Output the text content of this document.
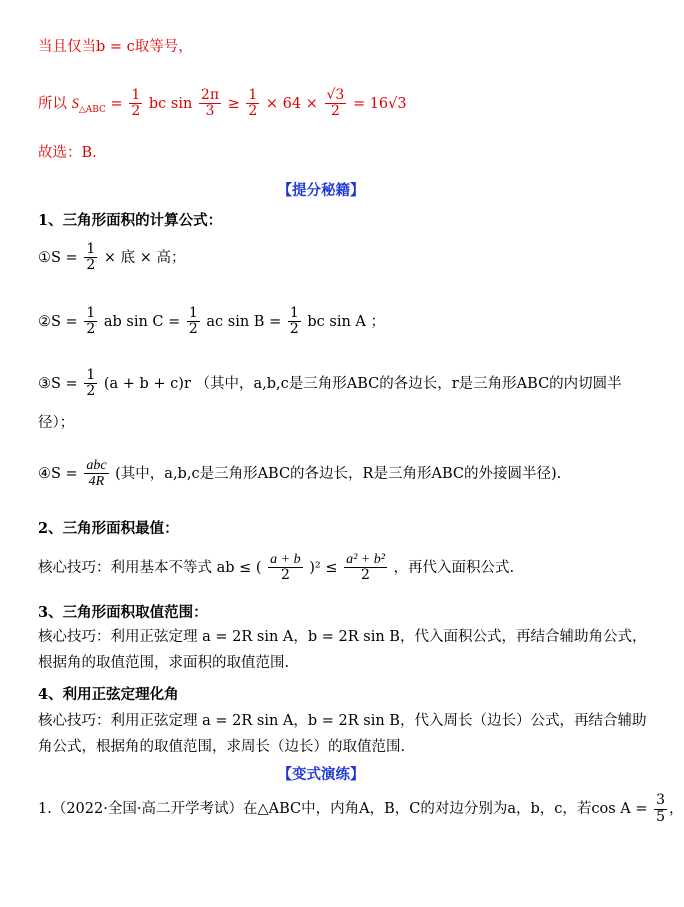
当且仅当b = c取等号，
所以 $S_{\triangle ABC} = \frac{1}{2}$ bc $\sin \frac{2\pi}{3} \ge \frac{1}{2} \times 64 \times \frac{√3}{2} = 16√3$
故选：B.
【提分秘籍】
1、三角形面积的计算公式：
①S = $\frac{1}{2}$ × 底 × 高；
②S = $\frac{1}{2}$ ab $\sin C = \frac{1}{2}$ ac $\sin B = \frac{1}{2}$ bc sin A ；
③S = $\frac{1}{2} (a + b + c)r$ （其中，a,b,c是三角形ABC的各边长，r是三角形ABC的内切圆半
径）；
④S = $\frac{\text{abc}}{4R}$ (其中，a,b,c是三角形ABC的各边长，R是三角形ABC的外接圆半径).
2、三角形面积最值：
核心技巧：利用基本不等式 ab ≤ ( $\frac{a + b}{2} )^2 \le \frac{\text{a² + b²}}{2}$ ，再代入面积公式.
3、三角形面积取值范围：
核心技巧：利用正弦定理 a = 2R sin A，b = 2R sin B，代入面积公式，再结合辅助角公式，
根据角的取值范围，求面积的取值范围.
4、利用正弦定理化角
核心技巧：利用正弦定理 a = 2R sin A，b = 2R sin B，代入周长（边长）公式，再结合辅助
角公式，根据角的取值范围，求周长（边长）的取值范围.
【变式演练】
1.（2022·全国·高二开学考试）在△ABC中，内角A，B，C的对边分别为a，b，c，若$\cos A = \frac{3}{5}$ ，
